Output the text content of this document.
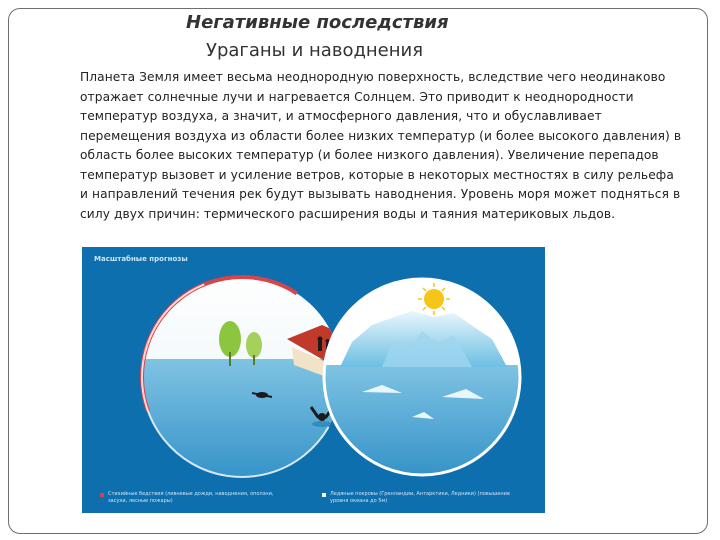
Негативные последствия
Ураганы и наводнения
Планета Земля имеет весьма неоднородную поверхность, вследствие чего неодинаково отражает солнечные лучи и нагревается Солнцем. Это приводит к неоднородности температур воздуха, а значит, и атмосферного давления, что и обуславливает перемещения воздуха из области более низких температур (и более высокого давления) в область более высоких температур (и более низкого давления). Увеличение перепадов температур вызовет и усиление ветров, которые в некоторых местностях в силу рельефа и направлений течения рек будут вызывать наводнения. Уровень моря может подняться в силу двух причин: термического расширения воды и таяния материковых льдов.
Масштабные прогнозы
Стихийные бедствия (ливневые дожди, наводнения, оползни, засухи, лесные пожары)
Ледяные покровы (Гренландии, Антарктики, Ледники) (повышение уровня океана до 5м)
